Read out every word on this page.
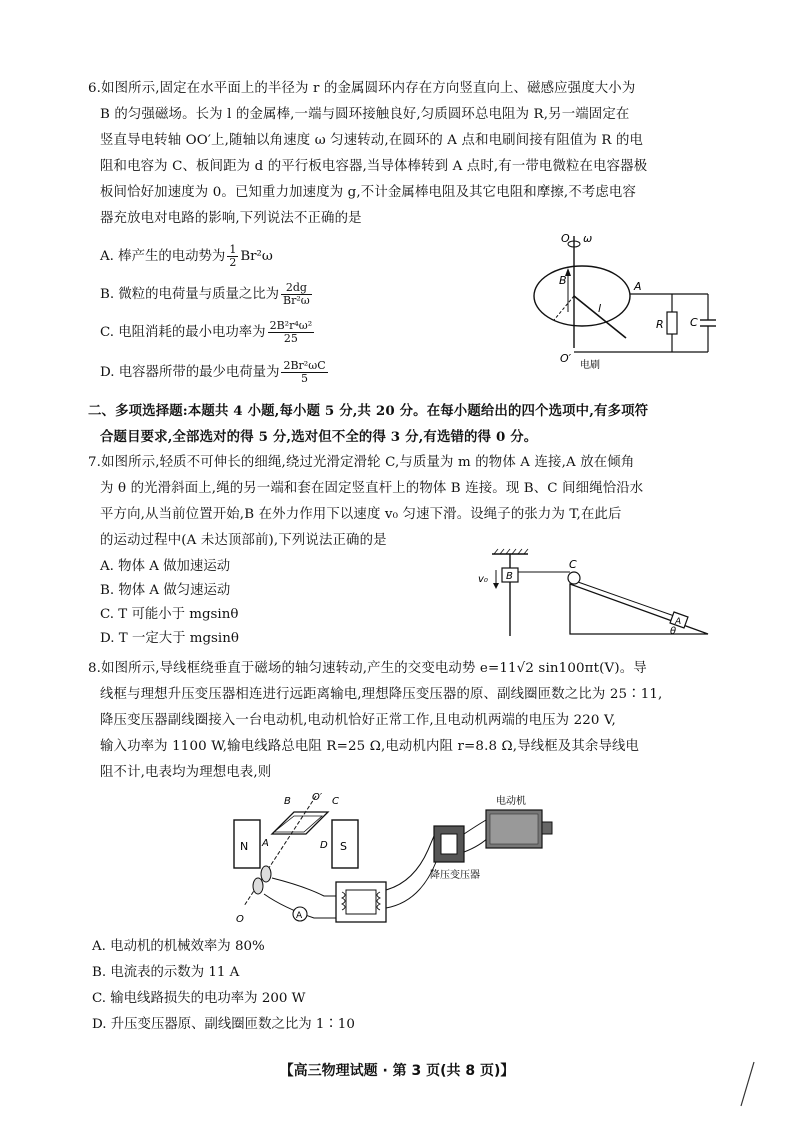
6.如图所示,固定在水平面上的半径为 r 的金属圆环内存在方向竖直向上、磁感应强度大小为
B 的匀强磁场。长为 l 的金属棒,一端与圆环接触良好,匀质圆环总电阻为 R,另一端固定在
竖直导电转轴 OO′上,随轴以角速度 ω 匀速转动,在圆环的 A 点和电刷间接有阻值为 R 的电
阻和电容为 C、板间距为 d 的平行板电容器,当导体棒转到 A 点时,有一带电微粒在电容器极
板间恰好加速度为 0。已知重力加速度为 g,不计金属棒电阻及其它电阻和摩擦,不考虑电容
器充放电对电路的影响,下列说法不正确的是
A. 棒产生的电动势为 $\frac{1}{2} Br^2\omega$
B. 微粒的电荷量与质量之比为 $\frac{2dg}{\text{Br²ω}}$
C. 电阻消耗的最小电功率为 $\frac{\text{2B²r⁴ω²}}{25}$
D. 电容器所带的最少电荷量为 $\frac{\text{2Br²ωC}}{5}$
O ω
B
l
A
R C
O′
电刷
二、多项选择题:本题共 4 小题,每小题 5 分,共 20 分。在每小题给出的四个选项中,有多项符
合题目要求,全部选对的得 5 分,选对但不全的得 3 分,有选错的得 0 分。
7.如图所示,轻质不可伸长的细绳,绕过光滑定滑轮 C,与质量为 m 的物体 A 连接,A 放在倾角
为 θ 的光滑斜面上,绳的另一端和套在固定竖直杆上的物体 B 连接。现 B、C 间细绳恰沿水
平方向,从当前位置开始,B 在外力作用下以速度 v₀ 匀速下滑。设绳子的张力为 T,在此后
的运动过程中(A 未达顶部前),下列说法正确的是
A. 物体 A 做加速运动
B. 物体 A 做匀速运动
C. T 可能小于 mgsinθ
D. T 一定大于 mgsinθ
B
v₀
C
A
θ
8.如图所示,导线框绕垂直于磁场的轴匀速转动,产生的交变电动势 e=11√2 sin100πt(V)。导
线框与理想升压变压器相连进行远距离输电,理想降压变压器的原、副线圈匝数之比为 25∶11,
降压变压器副线圈接入一台电动机,电动机恰好正常工作,且电动机两端的电压为 220 V,
输入功率为 1100 W,输电线路总电阻 R=25 Ω,电动机内阻 r=8.8 Ω,导线框及其余导线电
阻不计,电表均为理想电表,则
N	S
B O′ C
A	D
O	A
降压变压器
电动机
A. 电动机的机械效率为 80%
B. 电流表的示数为 11 A
C. 输电线路损失的电功率为 200 W
D. 升压变压器原、副线圈匝数之比为 1∶10
【高三物理试题 · 第 3 页(共 8 页)】
